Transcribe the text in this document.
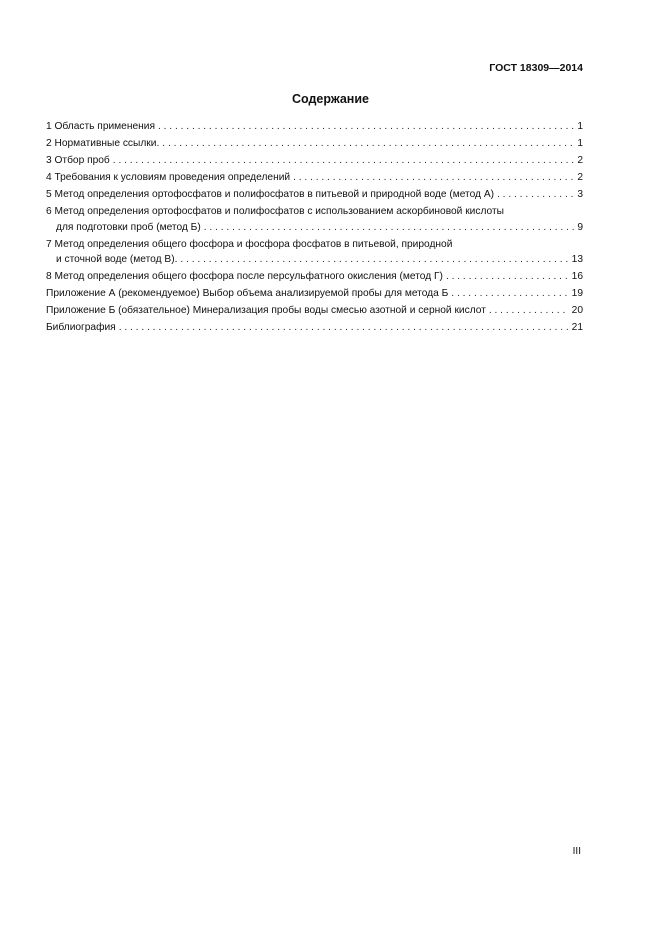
ГОСТ 18309—2014
Содержание
1 Область применения . . .	1
2 Нормативные ссылки. . . .	1
3 Отбор проб . . .	2
4 Требования к условиям проведения определений . . .	2
5 Метод определения ортофосфатов и полифосфатов в питьевой и природной воде (метод А) . . .	3
6 Метод определения ортофосфатов и полифосфатов с использованием аскорбиновой кислоты
для подготовки проб (метод Б) . . .	9
7 Метод определения общего фосфора и фосфора фосфатов в питьевой, природной
и сточной воде (метод В). . . .	13
8 Метод определения общего фосфора после персульфатного окисления (метод Г) . . .	16
Приложение А (рекомендуемое) Выбор объема анализируемой пробы для метода Б . . .	19
Приложение Б (обязательное) Минерализация пробы воды смесью азотной и серной кислот . . .	20
Библиография . . .	21
III
